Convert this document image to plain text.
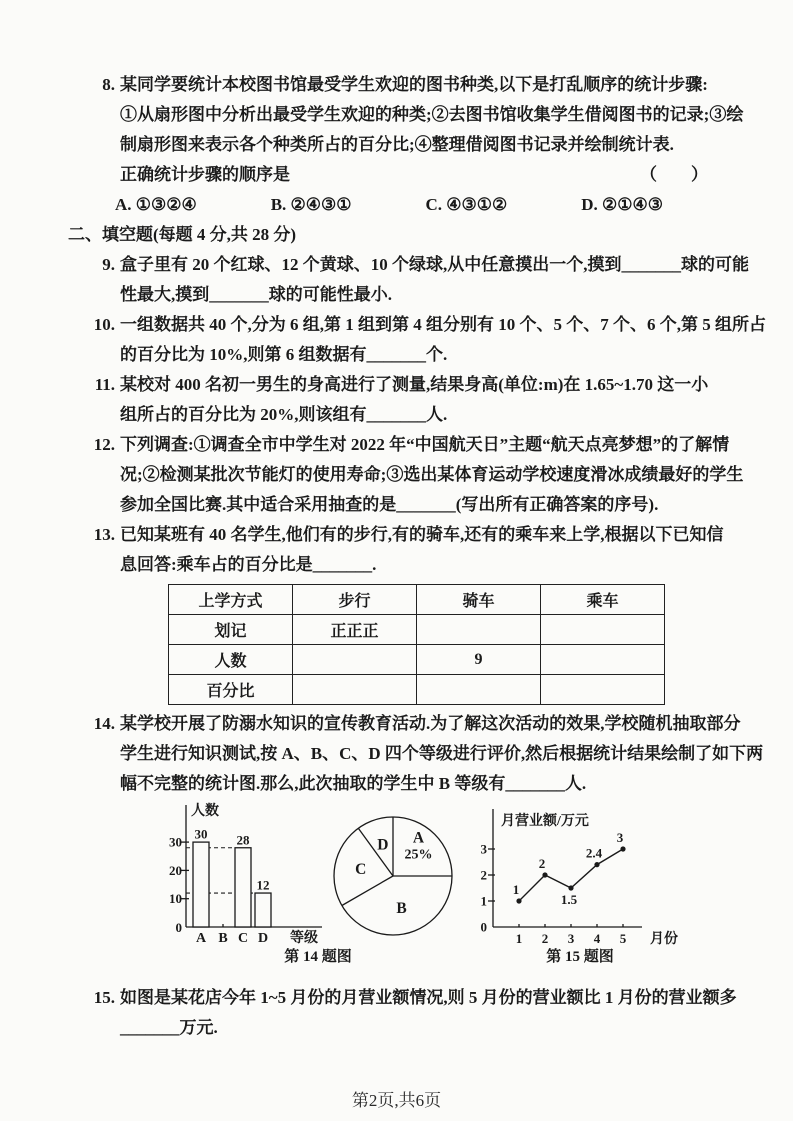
8. 某同学要统计本校图书馆最受学生欢迎的图书种类,以下是打乱顺序的统计步骤:
①从扇形图中分析出最受学生欢迎的种类;②去图书馆收集学生借阅图书的记录;③绘
制扇形图来表示各个种类所占的百分比;④整理借阅图书记录并绘制统计表.
正确统计步骤的顺序是	（　　）
A. ①③②④	B. ②④③①	C. ④③①②	D. ②①④③
二、填空题(每题 4 分,共 28 分)
9. 盒子里有 20 个红球、12 个黄球、10 个绿球,从中任意摸出一个,摸到_______球的可能
性最大,摸到_______球的可能性最小.
10. 一组数据共 40 个,分为 6 组,第 1 组到第 4 组分别有 10 个、5 个、7 个、6 个,第 5 组所占
的百分比为 10%,则第 6 组数据有_______个.
11. 某校对 400 名初一男生的身高进行了测量,结果身高(单位:m)在 1.65~1.70 这一小
组所占的百分比为 20%,则该组有_______人.
12. 下列调查:①调查全市中学生对 2022 年“中国航天日”主题“航天点亮梦想”的了解情
况;②检测某批次节能灯的使用寿命;③选出某体育运动学校速度滑冰成绩最好的学生
参加全国比赛.其中适合采用抽查的是_______(写出所有正确答案的序号).
13. 已知某班有 40 名学生,他们有的步行,有的骑车,还有的乘车来上学,根据以下已知信
息回答:乘车占的百分比是_______.
上学方式	步行	骑车	乘车
划记	正正正		
人数		9	
百分比			
14. 某学校开展了防溺水知识的宣传教育活动.为了解这次活动的效果,学校随机抽取部分
学生进行知识测试,按 A、B、C、D 四个等级进行评价,然后根据统计结果绘制了如下两
幅不完整的统计图.那么,此次抽取的学生中 B 等级有_______人.
人数
0
10
20
30
30
A B
28
C
12
D 等级
A
25%
B
C
D
月营业额/万元
0
1
2
3
1 2 3 4 5 月份
1
2
1.5
2.4
3
第 14 题图	第 15 题图
15. 如图是某花店今年 1~5 月份的月营业额情况,则 5 月份的营业额比 1 月份的营业额多
_______万元.
第2页,共6页
